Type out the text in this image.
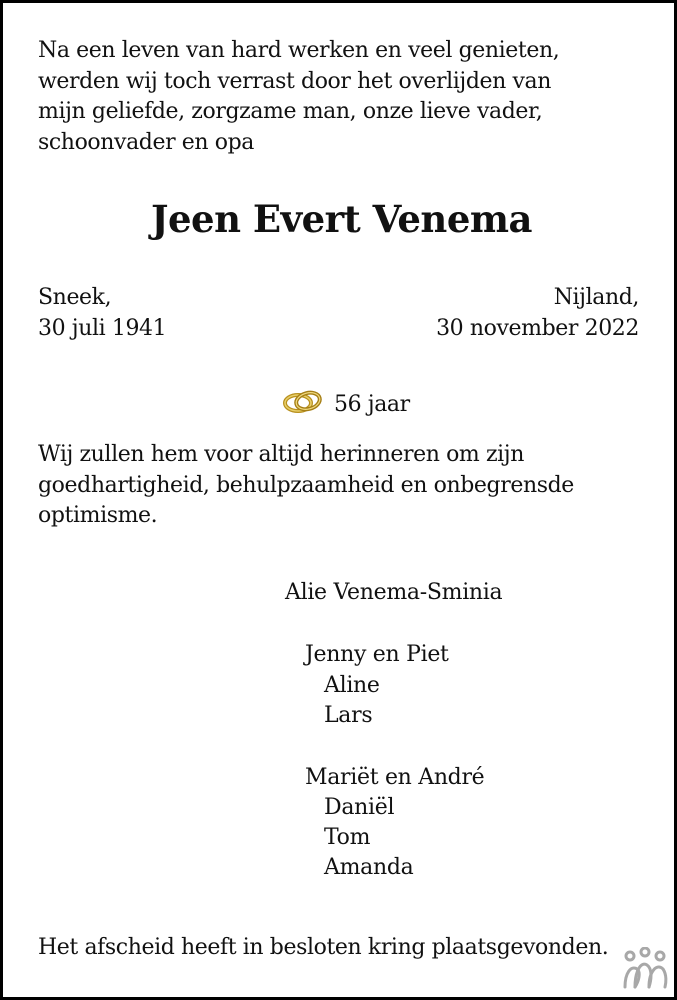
Na een leven van hard werken en veel genieten,
werden wij toch verrast door het overlijden van
mijn geliefde, zorgzame man, onze lieve vader,
schoonvader en opa
Jeen Evert Venema
Sneek,
30 juli 1941
Nijland,
30 november 2022
56 jaar
Wij zullen hem voor altijd herinneren om zijn
goedhartigheid, behulpzaamheid en onbegrensde
optimisme.
Alie Venema-Sminia
Jenny en Piet
Aline
Lars
Mariët en André
Daniël
Tom
Amanda
Het afscheid heeft in besloten kring plaatsgevonden.
